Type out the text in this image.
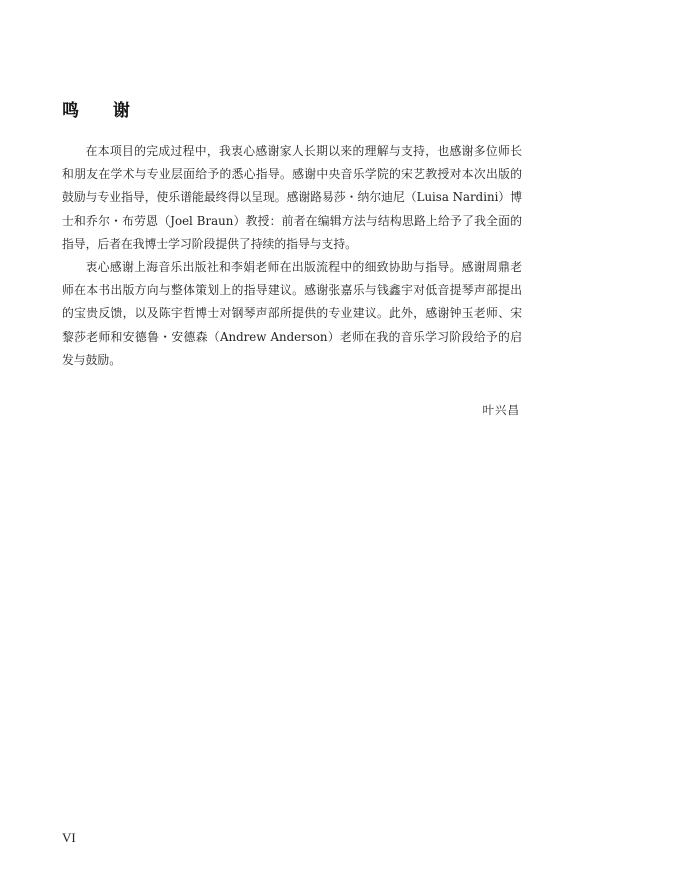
鸣 谢

在本项目的完成过程中，我衷心感谢家人长期以来的理解与支持，也感谢多位师长和朋友在学术与专业层面给予的悉心指导。感谢中央音乐学院的宋艺教授对本次出版的鼓励与专业指导，使乐谱能最终得以呈现。感谢路易莎・纳尔迪尼（Luisa Nardini）博士和乔尔・布劳恩（Joel Braun）教授：前者在编辑方法与结构思路上给予了我全面的指导，后者在我博士学习阶段提供了持续的指导与支持。

衷心感谢上海音乐出版社和李娟老师在出版流程中的细致协助与指导。感谢周鼎老师在本书出版方向与整体策划上的指导建议。感谢张嘉乐与钱鑫宇对低音提琴声部提出的宝贵反馈，以及陈宇哲博士对钢琴声部所提供的专业建议。此外，感谢钟玉老师、宋黎莎老师和安德鲁・安德森（Andrew Anderson）老师在我的音乐学习阶段给予的启发与鼓励。

叶兴昌

VI
